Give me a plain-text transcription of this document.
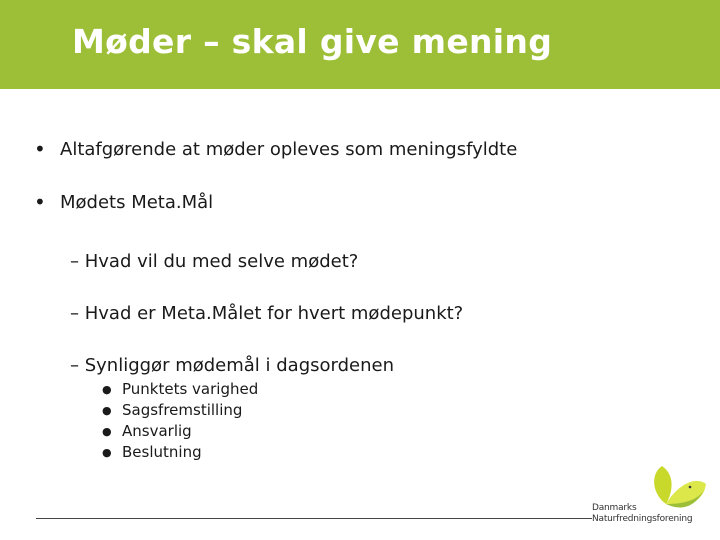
Møder – skal give mening
• Altafgørende at møder opleves som meningsfyldte
• Mødets Meta.Mål
– Hvad vil du med selve mødet?
– Hvad er Meta.Målet for hvert mødepunkt?
– Synliggør mødemål i dagsordenen
● Punktets varighed
● Sagsfremstilling
● Ansvarlig
● Beslutning
Danmarks
Naturfredningsforening
